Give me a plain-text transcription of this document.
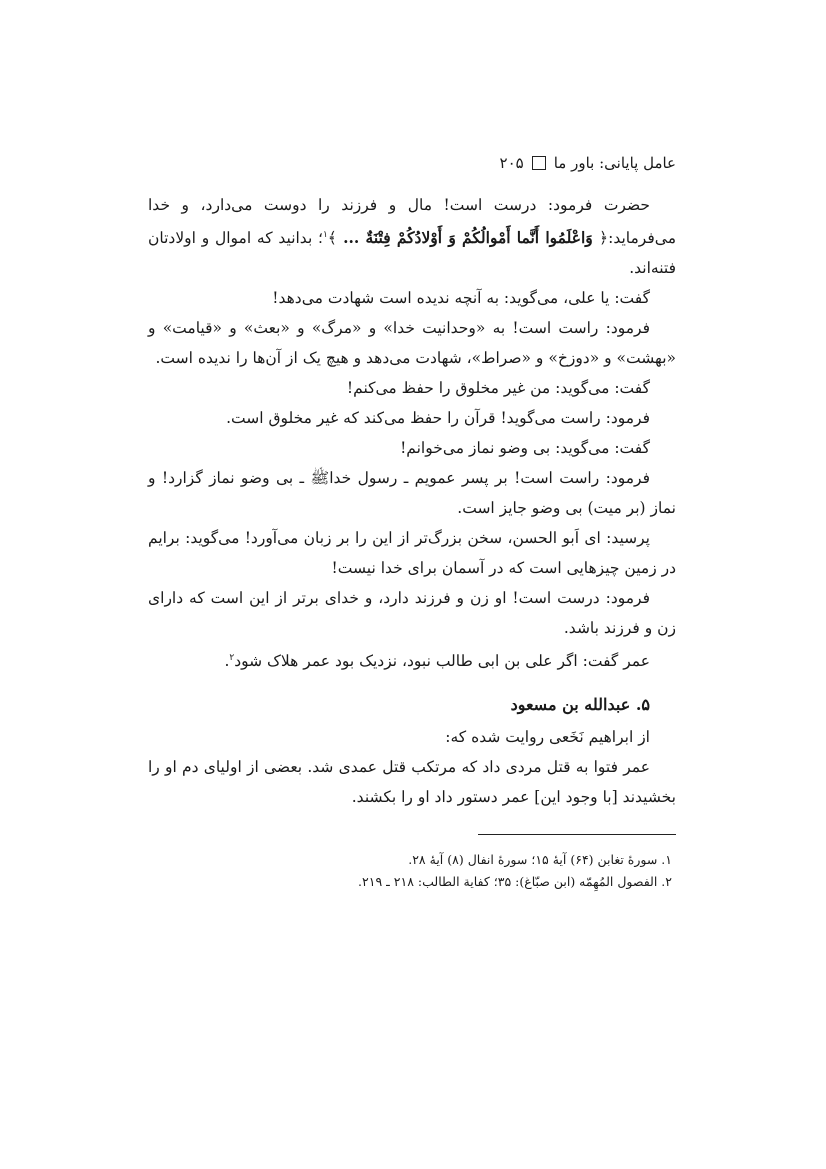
۲۰۵ عامل پایانی: باور ما

حضرت فرمود: درست است! مال و فرزند را دوست می‌دارد، و خدا می‌فرماید:﴿ وَاعْلَمُوا أَنَّما أَمْوالُکُمْ وَ أَوْلادُکُمْ فِتْنَةٌ ... ﴾$^۱$؛ بدانید که اموال و اولادتان فتنه‌اند.

گفت: یا علی، می‌گوید: به آنچه ندیده است شهادت می‌دهد!

فرمود: راست است! به «وحدانیت خدا» و «مرگ» و «بعث» و «قیامت» و «بهشت» و «دوزخ» و «صراط»، شهادت می‌دهد و هیچ یک از آن‌ها را ندیده است.

گفت: می‌گوید: من غیر مخلوق را حفظ می‌کنم!

فرمود: راست می‌گوید! قرآن را حفظ می‌کند که غیر مخلوق است.

گفت: می‌گوید: بی وضو نماز می‌خوانم!

فرمود: راست است! بر پسر عمویم ـ رسول خداﷺ ـ بی وضو نماز گزارد! و نماز (بر میت) بی وضو جایز است.

پرسید: ای اَبو الحسن، سخن بزرگ‌تر از این را بر زبان می‌آورد! می‌گوید: برایم در زمین چیزهایی است که در آسمان برای خدا نیست!

فرمود: درست است! او زن و فرزند دارد، و خدای برتر از این است که دارای زن و فرزند باشد.

عمر گفت: اگر علی بن ابی طالب نبود، نزدیک بود عمر هلاک شود$^۲$.

۵. عبدالله بن مسعود

از ابراهیم نَخَعی روایت شده که:

عمر فتوا به قتل مردی داد که مرتکب قتل عمدی شد. بعضی از اولیای دم او را بخشیدند [با وجود این] عمر دستور داد او را بکشند.

۱. سورهٔ تغابن (۶۴) آیهٔ ۱۵؛ سورهٔ انفال (۸) آیهٔ ۲۸.

۲. الفصول المُهِمّه (ابن صبّاغ): ۳۵؛ کفایة الطالب: ۲۱۸ ـ ۲۱۹.
